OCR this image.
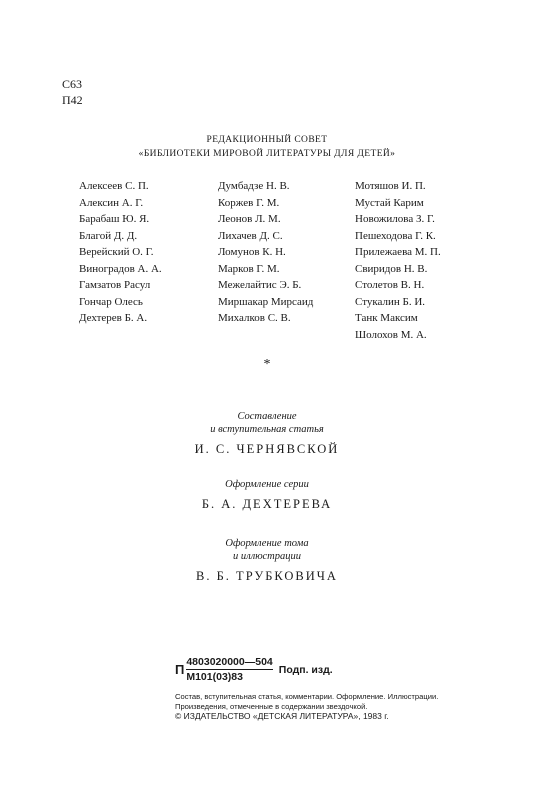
С63
П42
РЕДАКЦИОННЫЙ СОВЕТ
«БИБЛИОТЕКИ МИРОВОЙ ЛИТЕРАТУРЫ ДЛЯ ДЕТЕЙ»
Алексеев С. П.
Алексин А. Г.
Барабаш Ю. Я.
Благой Д. Д.
Верейский О. Г.
Виноградов А. А.
Гамзатов Расул
Гончар Олесь
Дехтерев Б. А.
Думбадзе Н. В.
Коржев Г. М.
Леонов Л. М.
Лихачев Д. С.
Ломунов К. Н.
Марков Г. М.
Межелайтис Э. Б.
Миршакар Мирсаид
Михалков С. В.
Мотяшов И. П.
Мустай Карим
Новожилова З. Г.
Пешеходова Г. К.
Прилежаева М. П.
Свиридов Н. В.
Столетов В. Н.
Стукалин Б. И.
Танк Максим
Шолохов М. А.
*
Составление
и вступительная статья
И. С. ЧЕРНЯВСКОЙ
Оформление серии
Б. А. ДЕХТЕРЕВА
Оформление тома
и иллюстрации
В. Б. ТРУБКОВИЧА
П $\frac{4803020000—504}{М101(03)83}$ Подп. изд.
Состав, вступительная статья, комментарии. Оформление. Иллюстрации.
Произведения, отмеченные в содержании звездочкой.
© ИЗДАТЕЛЬСТВО «ДЕТСКАЯ ЛИТЕРАТУРА», 1983 г.
